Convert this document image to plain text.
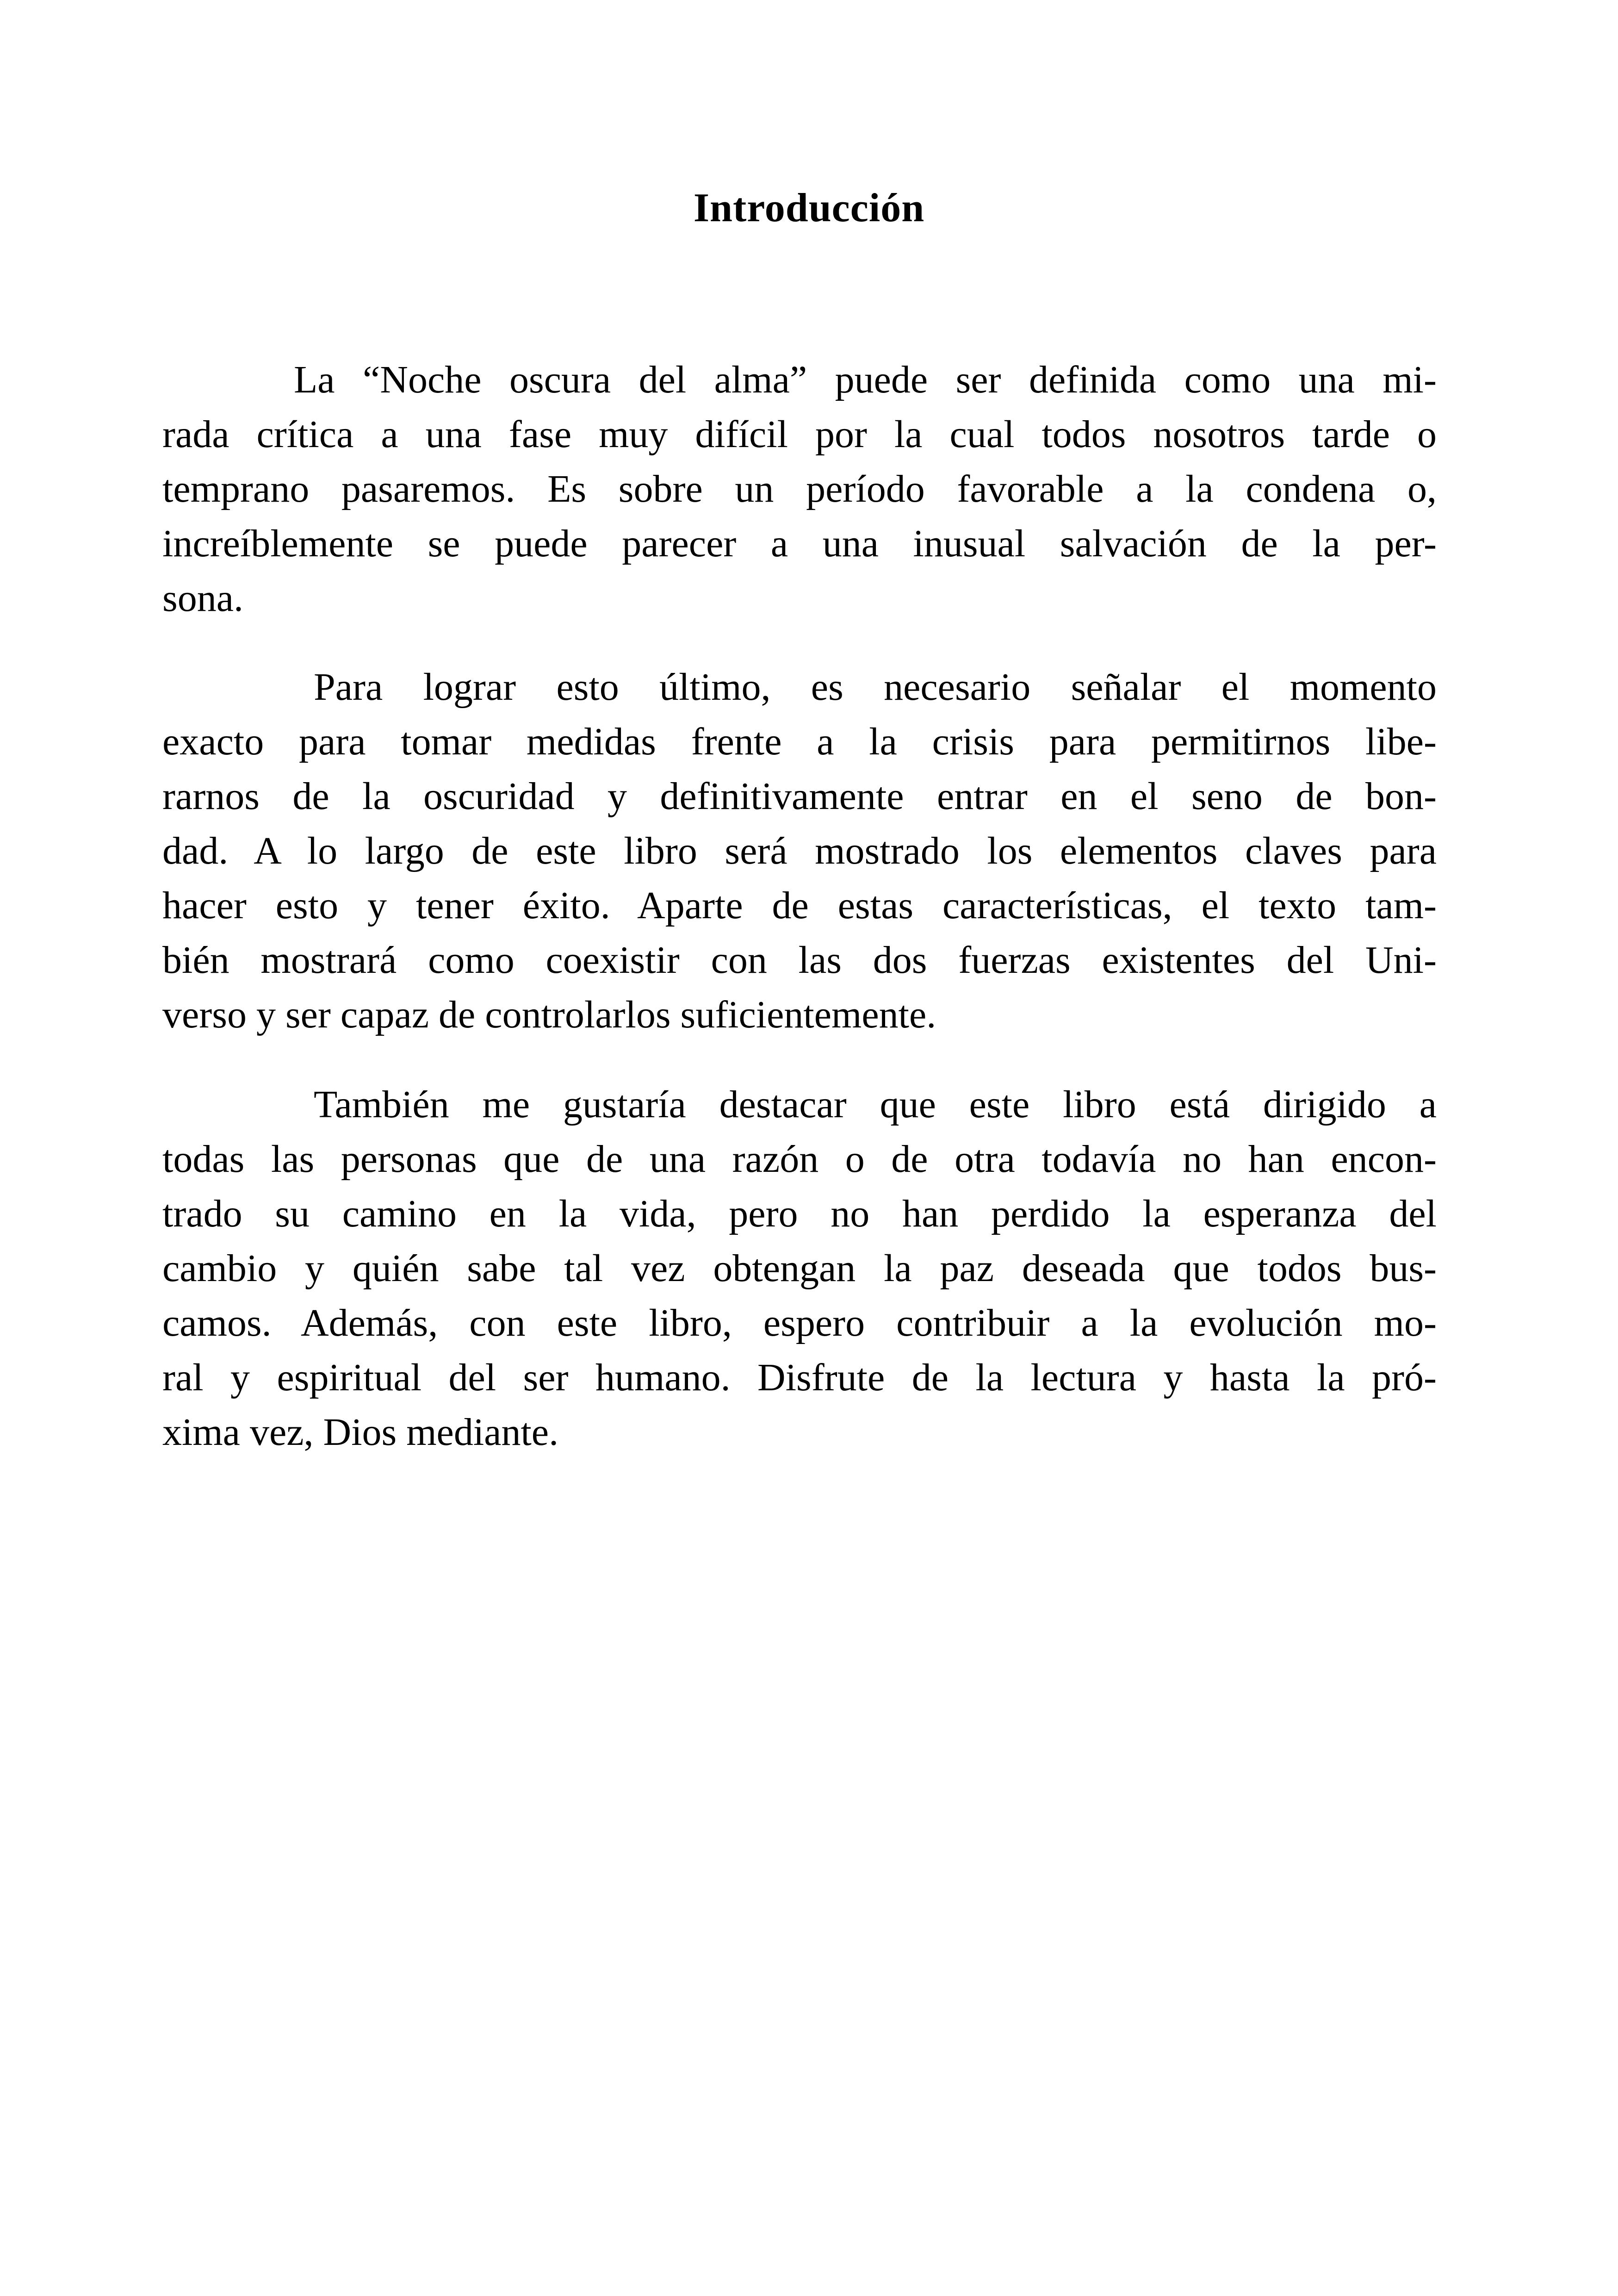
Introducción
La “Noche oscura del alma” puede ser definida como una mi-
rada crítica a una fase muy difícil por la cual todos nosotros tarde o
temprano pasaremos. Es sobre un período favorable a la condena o,
increíblemente se puede parecer a una inusual salvación de la per-
sona.
Para lograr esto último, es necesario señalar el momento
exacto para tomar medidas frente a la crisis para permitirnos libe-
rarnos de la oscuridad y definitivamente entrar en el seno de bon-
dad. A lo largo de este libro será mostrado los elementos claves para
hacer esto y tener éxito. Aparte de estas características, el texto tam-
bién mostrará como coexistir con las dos fuerzas existentes del Uni-
verso y ser capaz de controlarlos suficientemente.
También me gustaría destacar que este libro está dirigido a
todas las personas que de una razón o de otra todavía no han encon-
trado su camino en la vida, pero no han perdido la esperanza del
cambio y quién sabe tal vez obtengan la paz deseada que todos bus-
camos. Además, con este libro, espero contribuir a la evolución mo-
ral y espiritual del ser humano. Disfrute de la lectura y hasta la pró-
xima vez, Dios mediante.
